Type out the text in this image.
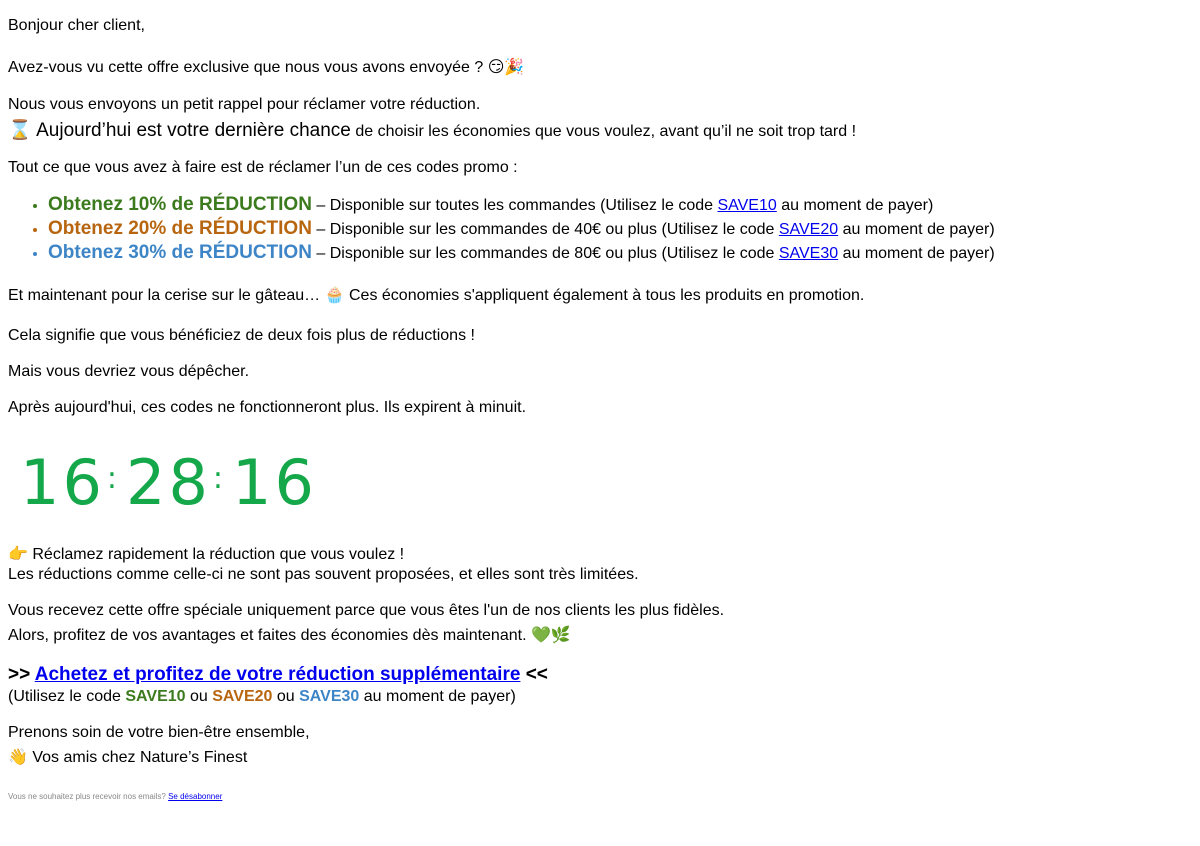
Bonjour cher client,
Avez-vous vu cette offre exclusive que nous vous avons envoyée ? 😏🎉
Nous vous envoyons un petit rappel pour réclamer votre réduction.
⌛ Aujourd’hui est votre dernière chance de choisir les économies que vous voulez, avant qu’il ne soit trop tard !
Tout ce que vous avez à faire est de réclamer l’un de ces codes promo :
• Obtenez 10% de RÉDUCTION – Disponible sur toutes les commandes (Utilisez le code SAVE10 au moment de payer)
• Obtenez 20% de RÉDUCTION – Disponible sur les commandes de 40€ ou plus (Utilisez le code SAVE20 au moment de payer)
• Obtenez 30% de RÉDUCTION – Disponible sur les commandes de 80€ ou plus (Utilisez le code SAVE30 au moment de payer)
Et maintenant pour la cerise sur le gâteau… 🧁 Ces économies s'appliquent également à tous les produits en promotion.
Cela signifie que vous bénéficiez de deux fois plus de réductions !
Mais vous devriez vous dépêcher.
Après aujourd'hui, ces codes ne fonctionneront plus. Ils expirent à minuit.
16 : 28 : 16
👉 Réclamez rapidement la réduction que vous voulez !
Les réductions comme celle-ci ne sont pas souvent proposées, et elles sont très limitées.
Vous recevez cette offre spéciale uniquement parce que vous êtes l'un de nos clients les plus fidèles.
Alors, profitez de vos avantages et faites des économies dès maintenant. 💚🌿
>> Achetez et profitez de votre réduction supplémentaire <<
(Utilisez le code SAVE10 ou SAVE20 ou SAVE30 au moment de payer)
Prenons soin de votre bien-être ensemble,
👋 Vos amis chez Nature’s Finest
Vous ne souhaitez plus recevoir nos emails? Se désabonner
